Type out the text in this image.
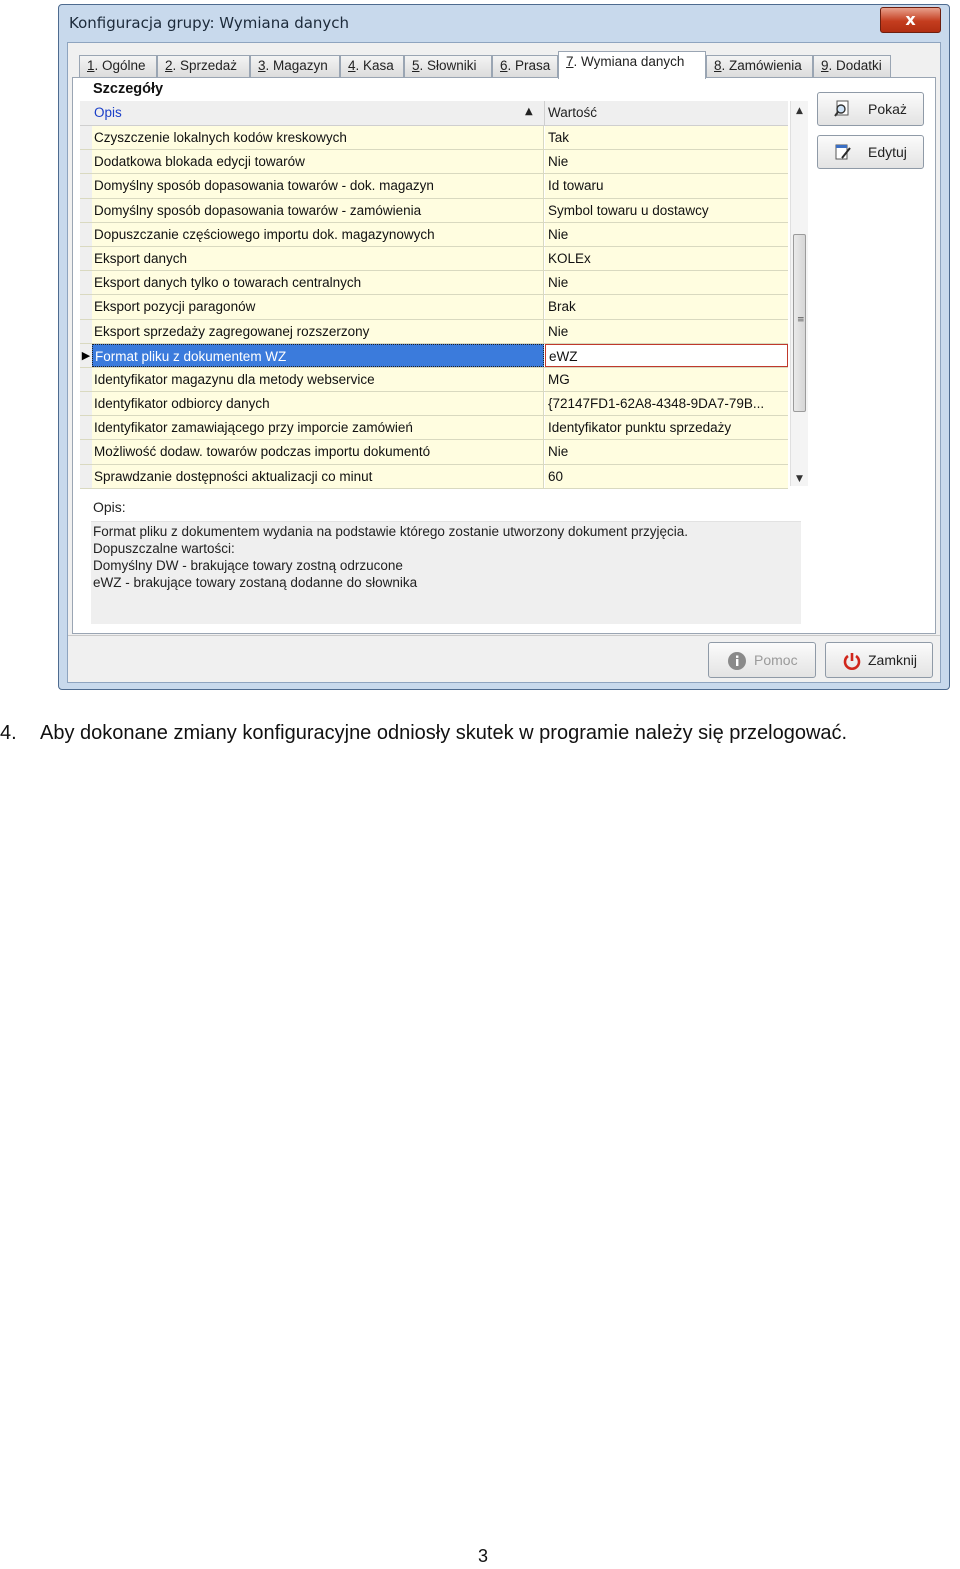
Konfiguracja grupy: Wymiana danych	x
1. Ogólne	2. Sprzedaż	3. Magazyn	4. Kasa	5. Słowniki	6. Prasa	7. Wymiana danych	8. Zamówienia	9. Dodatki
Szczegóły
Opis	▲ Wartość
Czyszczenie lokalnych kodów kreskowych	Tak
Dodatkowa blokada edycji towarów	Nie
Domyślny sposób dopasowania towarów - dok. magazyn	Id towaru
Domyślny sposób dopasowania towarów - zamówienia	Symbol towaru u dostawcy
Dopuszczanie częściowego importu dok. magazynowych	Nie
Eksport danych	KOLEx
Eksport danych tylko o towarach centralnych	Nie
Eksport pozycji paragonów	Brak
Eksport sprzedaży zagregowanej rozszerzony	Nie
▶ Format pliku z dokumentem WZ	eWZ
Identyfikator magazynu dla metody webservice	MG
Identyfikator odbiorcy danych	{72147FD1-62A8-4348-9DA7-79B...
Identyfikator zamawiającego przy imporcie zamówień	Identyfikator punktu sprzedaży
Możliwość dodaw. towarów podczas importu dokumentó	Nie
Sprawdzanie dostępności aktualizacji co minut	60
▲
≡
▼
Pokaż
Edytuj
Opis:
Format pliku z dokumentem wydania na podstawie którego zostanie utworzony dokument przyjęcia.
Dopuszczalne wartości:
Domyślny DW - brakujące towary zostną odrzucone
eWZ - brakujące towary zostaną dodanne do słownika
Pomoc	Zamknij
4. Aby dokonane zmiany konfiguracyjne odniosły skutek w programie należy się przelogować.
3
